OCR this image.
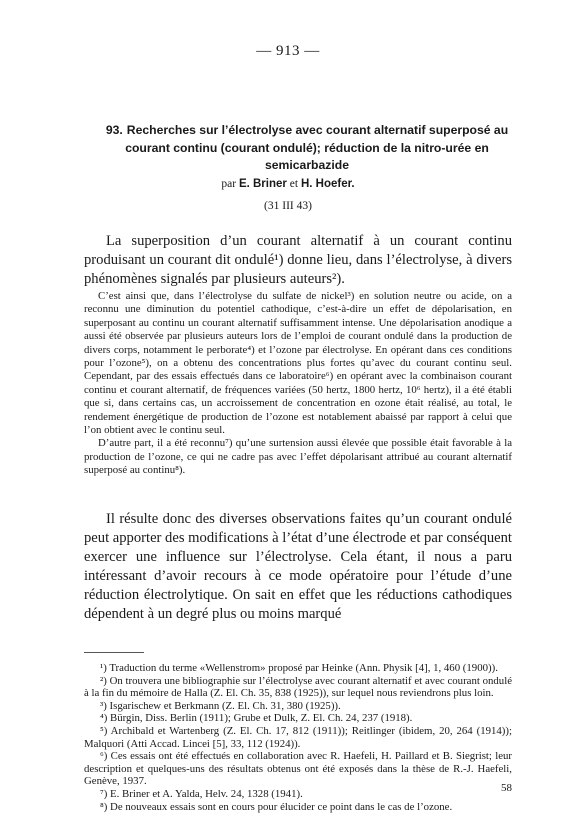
— 913 —
93. Recherches sur l’électrolyse avec courant alternatif superposé au courant continu (courant ondulé); réduction de la nitro-urée en semicarbazide
par E. Briner et H. Hoefer.
(31 III 43)

La superposition d’un courant alternatif à un courant continu produisant un courant dit ondulé¹) donne lieu, dans l’électrolyse, à divers phénomènes signalés par plusieurs auteurs²).

C’est ainsi que, dans l’électrolyse du sulfate de nickel³) en solution neutre ou acide, on a reconnu une diminution du potentiel cathodique, c’est-à-dire un effet de dépolarisation, en superposant au continu un courant alternatif suffisamment intense. Une dépolarisation anodique a aussi été observée par plusieurs auteurs lors de l’emploi de courant ondulé dans la production de divers corps, notamment le perborate⁴) et l’ozone par électrolyse. En opérant dans ces conditions pour l’ozone⁵), on a obtenu des concentrations plus fortes qu’avec du courant continu seul. Cependant, par des essais effectués dans ce laboratoire⁶) en opérant avec la combinaison courant continu et courant alternatif, de fréquences variées (50 hertz, 1800 hertz, 10⁶ hertz), il a été établi que si, dans certains cas, un accroissement de concentration en ozone était réalisé, au total, le rendement énergétique de production de l’ozone est notablement abaissé par rapport à celui que l’on obtient avec le continu seul.

D’autre part, il a été reconnu⁷) qu’une surtension aussi élevée que possible était favorable à la production de l’ozone, ce qui ne cadre pas avec l’effet dépolarisant attribué au courant alternatif superposé au continu⁸).

Il résulte donc des diverses observations faites qu’un courant ondulé peut apporter des modifications à l’état d’une électrode et par conséquent exercer une influence sur l’électrolyse. Cela étant, il nous a paru intéressant d’avoir recours à ce mode opératoire pour l’étude d’une réduction électrolytique. On sait en effet que les réductions cathodiques dépendent à un degré plus ou moins marqué

¹) Traduction du terme «Wellenstrom» proposé par Heinke (Ann. Physik [4], 1, 460 (1900)).

²) On trouvera une bibliographie sur l’électrolyse avec courant alternatif et avec courant ondulé à la fin du mémoire de Halla (Z. El. Ch. 35, 838 (1925)), sur lequel nous reviendrons plus loin.

³) Isgarischew et Berkmann (Z. El. Ch. 31, 380 (1925)).

⁴) Bürgin, Diss. Berlin (1911); Grube et Dulk, Z. El. Ch. 24, 237 (1918).

⁵) Archibald et Wartenberg (Z. El. Ch. 17, 812 (1911)); Reitlinger (ibidem, 20, 264 (1914)); Malquori (Atti Accad. Lincei [5], 33, 112 (1924)).

⁶) Ces essais ont été effectués en collaboration avec R. Haefeli, H. Paillard et B. Siegrist; leur description et quelques-uns des résultats obtenus ont été exposés dans la thèse de R.-J. Haefeli, Genève, 1937.

⁷) E. Briner et A. Yalda, Helv. 24, 1328 (1941).

⁸) De nouveaux essais sont en cours pour élucider ce point dans le cas de l’ozone.

58
